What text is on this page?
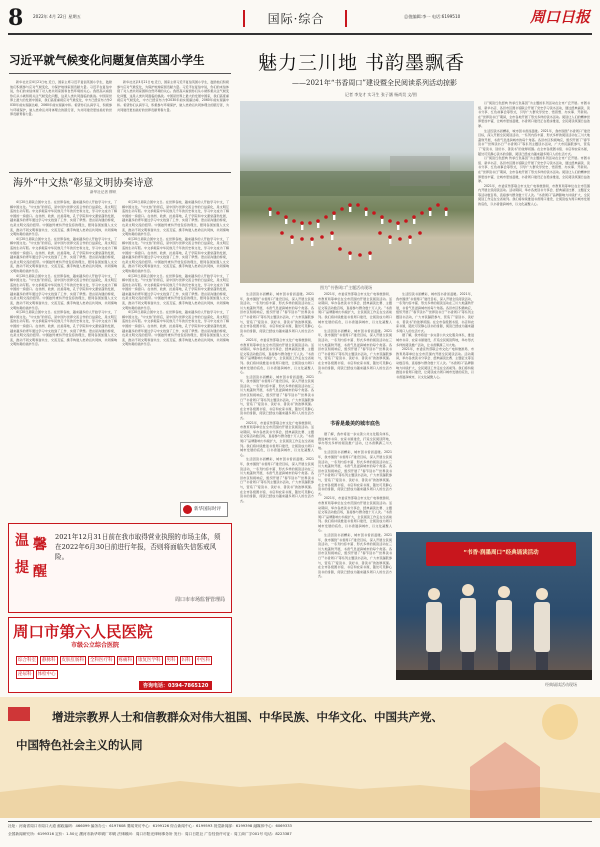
8 2022年 4月 22日 星期五	国际·综合	总值编辑:李一 电话:6199510	周口日报
习近平就气候变化问题复信英国小学生

新华社北京4月21日电 近日，国家主席习近平复信英国小学生，鼓励他们积极参与应对气候变化，为保护地球家园贡献力量。习近平在复信中说，你们的来信体现了对人类共同家园和自然环境的关心。我很高兴看到你们从小就积极关注气候变化问题，这是人类共同面临的挑战。中国是世界上最大的发展中国家，我们高度重视应对气候变化，中方已经宣布力争2030年前实现碳达峰、2060年前实现碳中和。希望你们认真学习，积极参与环境保护，做人类命运共同体理念的践行者，为共同建设更加美好的世界贡献青春力量。

新华社北京4月21日电 近日，国家主席习近平复信英国小学生，鼓励他们积极参与应对气候变化，为保护地球家园贡献力量。习近平在复信中说，你们的来信体现了对人类共同家园和自然环境的关心。我很高兴看到你们从小就积极关注气候变化问题，这是人类共同面临的挑战。中国是世界上最大的发展中国家，我们高度重视应对气候变化，中方已经宣布力争2030年前实现碳达峰、2060年前实现碳中和。希望你们认真学习，积极参与环境保护，做人类命运共同体理念的践行者，为共同建设更加美好的世界贡献青春力量。

海外“中文热”彰显文明协奏诗意
新华社记者 柳炽

4月20日是联合国中文日。在世界各地，越来越多的人开始学习中文，了解中国文化。“中文热”的背后，是中国与世界交流合作的日益深化，是文明互鉴的生动写照。中文承载着中华民族几千年的历史和文化，学习中文成为了解中国的一扇窗口。在非洲、欧洲、拉美等地，孔子学院和中文课堂蓬勃发展，越来越多的青年通过学习中文找到了工作、实现了梦想。语言是沟通的桥梁，也是文明交流的纽带。中国始终秉持开放包容的理念，愿同各国加强人文交流，推动不同文明和谐共生、交流互鉴，携手构建人类命运共同体，共同奏响文明协奏的美妙乐章。

4月20日是联合国中文日。在世界各地，越来越多的人开始学习中文，了解中国文化。“中文热”的背后，是中国与世界交流合作的日益深化，是文明互鉴的生动写照。中文承载着中华民族几千年的历史和文化，学习中文成为了解中国的一扇窗口。在非洲、欧洲、拉美等地，孔子学院和中文课堂蓬勃发展，越来越多的青年通过学习中文找到了工作、实现了梦想。语言是沟通的桥梁，也是文明交流的纽带。中国始终秉持开放包容的理念，愿同各国加强人文交流，推动不同文明和谐共生、交流互鉴，携手构建人类命运共同体，共同奏响文明协奏的美妙乐章。

4月20日是联合国中文日。在世界各地，越来越多的人开始学习中文，了解中国文化。“中文热”的背后，是中国与世界交流合作的日益深化，是文明互鉴的生动写照。中文承载着中华民族几千年的历史和文化，学习中文成为了解中国的一扇窗口。在非洲、欧洲、拉美等地，孔子学院和中文课堂蓬勃发展，越来越多的青年通过学习中文找到了工作、实现了梦想。语言是沟通的桥梁，也是文明交流的纽带。中国始终秉持开放包容的理念，愿同各国加强人文交流，推动不同文明和谐共生、交流互鉴，携手构建人类命运共同体，共同奏响文明协奏的美妙乐章。

4月20日是联合国中文日。在世界各地，越来越多的人开始学习中文，了解中国文化。“中文热”的背后，是中国与世界交流合作的日益深化，是文明互鉴的生动写照。中文承载着中华民族几千年的历史和文化，学习中文成为了解中国的一扇窗口。在非洲、欧洲、拉美等地，孔子学院和中文课堂蓬勃发展，越来越多的青年通过学习中文找到了工作、实现了梦想。语言是沟通的桥梁，也是文明交流的纽带。中国始终秉持开放包容的理念，愿同各国加强人文交流，推动不同文明和谐共生、交流互鉴，携手构建人类命运共同体，共同奏响文明协奏的美妙乐章。

4月20日是联合国中文日。在世界各地，越来越多的人开始学习中文，了解中国文化。“中文热”的背后，是中国与世界交流合作的日益深化，是文明互鉴的生动写照。中文承载着中华民族几千年的历史和文化，学习中文成为了解中国的一扇窗口。在非洲、欧洲、拉美等地，孔子学院和中文课堂蓬勃发展，越来越多的青年通过学习中文找到了工作、实现了梦想。语言是沟通的桥梁，也是文明交流的纽带。中国始终秉持开放包容的理念，愿同各国加强人文交流，推动不同文明和谐共生、交流互鉴，携手构建人类命运共同体，共同奏响文明协奏的美妙乐章。

4月20日是联合国中文日。在世界各地，越来越多的人开始学习中文，了解中国文化。“中文热”的背后，是中国与世界交流合作的日益深化，是文明互鉴的生动写照。中文承载着中华民族几千年的历史和文化，学习中文成为了解中国的一扇窗口。在非洲、欧洲、拉美等地，孔子学院和中文课堂蓬勃发展，越来越多的青年通过学习中文找到了工作、实现了梦想。语言是沟通的桥梁，也是文明交流的纽带。中国始终秉持开放包容的理念，愿同各国加强人文交流，推动不同文明和谐共生、交流互鉴，携手构建人类命运共同体，共同奏响文明协奏的美妙乐章。

4月20日是联合国中文日。在世界各地，越来越多的人开始学习中文，了解中国文化。“中文热”的背后，是中国与世界交流合作的日益深化，是文明互鉴的生动写照。中文承载着中华民族几千年的历史和文化，学习中文成为了解中国的一扇窗口。在非洲、欧洲、拉美等地，孔子学院和中文课堂蓬勃发展，越来越多的青年通过学习中文找到了工作、实现了梦想。语言是沟通的桥梁，也是文明交流的纽带。中国始终秉持开放包容的理念，愿同各国加强人文交流，推动不同文明和谐共生、交流互鉴，携手构建人类命运共同体，共同奏响文明协奏的美妙乐章。

4月20日是联合国中文日。在世界各地，越来越多的人开始学习中文，了解中国文化。“中文热”的背后，是中国与世界交流合作的日益深化，是文明互鉴的生动写照。中文承载着中华民族几千年的历史和文化，学习中文成为了解中国的一扇窗口。在非洲、欧洲、拉美等地，孔子学院和中文课堂蓬勃发展，越来越多的青年通过学习中文找到了工作、实现了梦想。语言是沟通的桥梁，也是文明交流的纽带。中国始终秉持开放包容的理念，愿同各国加强人文交流，推动不同文明和谐共生、交流互鉴，携手构建人类命运共同体，共同奏响文明协奏的美妙乐章。

新华国际时评
温 馨
提 醒
2021年12月31日前在我市取得营业执照的市场主体，须在2022年6月30日前进行年报，否则将面临失信惩戒风险。
周口市市场监督管理局
周口市第六人民医院
市级公立综合医院
综合科室 静脉科 皮肤肛肠科 全科医疗科 疼痛科 康复医学科 男科 妇科 中医科泌尿科 体检中心
咨询电话：0394-7865120
魅力三川地 书韵墨飘香
——2021年“书香周口”建设暨全民阅读系列活动掠影
记者 李龙才 实习生 张子涵 杨尚昊 文/图
图为“书香周口”主题活动现场

生活因读书而精彩，城市因书香而温暖。2021年，我市围绕“书香周口”建设目标，深入开展全民阅读活动，一系列内容丰富、形式多样的阅读活动在三川大地蓬勃开展，书香气息浸润城市的每个角落。各县市区积极响应，组织开展了“春节读书”“世界读书日”“书香周口”等系列主题读书活动，广大市民踊跃参与，营造了“爱读书、读好书、善读书”的浓厚氛围。在全市各级图书馆、书店和农家书屋，随处可见静心读书的身影，阅读已经成为越来越多周口人的生活方式。

2021年，市委宣传部联合市文化广电和旅游局、市教育局等单位在全市范围内开展全民阅读活动。活动期间，举办各类读书分享会、经典诵读比赛、主题征文等活动数百场，直接参与群众数十万人次。“书香周口”品牌影响力持续扩大，全民阅读工作走在全省前列。我们将持续推进书香周口建设，让阅读成为周口城市发展的底色，以书香滋润城市，以文化凝聚人心。

生活因读书而精彩，城市因书香而温暖。2021年，我市围绕“书香周口”建设目标，深入开展全民阅读活动，一系列内容丰富、形式多样的阅读活动在三川大地蓬勃开展，书香气息浸润城市的每个角落。各县市区积极响应，组织开展了“春节读书”“世界读书日”“书香周口”等系列主题读书活动，广大市民踊跃参与，营造了“爱读书、读好书、善读书”的浓厚氛围。在全市各级图书馆、书店和农家书屋，随处可见静心读书的身影，阅读已经成为越来越多周口人的生活方式。

2021年，市委宣传部联合市文化广电和旅游局、市教育局等单位在全市范围内开展全民阅读活动。活动期间，举办各类读书分享会、经典诵读比赛、主题征文等活动数百场，直接参与群众数十万人次。“书香周口”品牌影响力持续扩大，全民阅读工作走在全省前列。我们将持续推进书香周口建设，让阅读成为周口城市发展的底色，以书香滋润城市，以文化凝聚人心。

生活因读书而精彩，城市因书香而温暖。2021年，我市围绕“书香周口”建设目标，深入开展全民阅读活动，一系列内容丰富、形式多样的阅读活动在三川大地蓬勃开展，书香气息浸润城市的每个角落。各县市区积极响应，组织开展了“春节读书”“世界读书日”“书香周口”等系列主题读书活动，广大市民踊跃参与，营造了“爱读书、读好书、善读书”的浓厚氛围。在全市各级图书馆、书店和农家书屋，随处可见静心读书的身影，阅读已经成为越来越多周口人的生活方式。

2021年，市委宣传部联合市文化广电和旅游局、市教育局等单位在全市范围内开展全民阅读活动。活动期间，举办各类读书分享会、经典诵读比赛、主题征文等活动数百场，直接参与群众数十万人次。“书香周口”品牌影响力持续扩大，全民阅读工作走在全省前列。我们将持续推进书香周口建设，让阅读成为周口城市发展的底色，以书香滋润城市，以文化凝聚人心。

生活因读书而精彩，城市因书香而温暖。2021年，我市围绕“书香周口”建设目标，深入开展全民阅读活动，一系列内容丰富、形式多样的阅读活动在三川大地蓬勃开展，书香气息浸润城市的每个角落。各县市区积极响应，组织开展了“春节读书”“世界读书日”“书香周口”等系列主题读书活动，广大市民踊跃参与，营造了“爱读书、读好书、善读书”的浓厚氛围。在全市各级图书馆、书店和农家书屋，随处可见静心读书的身影，阅读已经成为越来越多周口人的生活方式。

书香是最美的城市底色

据了解，我市将进一步完善公共文化服务体系，推进城市书房、农家书屋建设，打造全民阅读阵地，举办形式多样的阅读推广活动，让书香飘满三川大地。

生活因读书而精彩，城市因书香而温暖。2021年，我市围绕“书香周口”建设目标，深入开展全民阅读活动，一系列内容丰富、形式多样的阅读活动在三川大地蓬勃开展，书香气息浸润城市的每个角落。各县市区积极响应，组织开展了“春节读书”“世界读书日”“书香周口”等系列主题读书活动，广大市民踊跃参与，营造了“爱读书、读好书、善读书”的浓厚氛围。在全市各级图书馆、书店和农家书屋，随处可见静心读书的身影，阅读已经成为越来越多周口人的生活方式。

2021年，市委宣传部联合市文化广电和旅游局、市教育局等单位在全市范围内开展全民阅读活动。活动期间，举办各类读书分享会、经典诵读比赛、主题征文等活动数百场，直接参与群众数十万人次。“书香周口”品牌影响力持续扩大，全民阅读工作走在全省前列。我们将持续推进书香周口建设，让阅读成为周口城市发展的底色，以书香滋润城市，以文化凝聚人心。

生活因读书而精彩，城市因书香而温暖。2021年，我市围绕“书香周口”建设目标，深入开展全民阅读活动，一系列内容丰富、形式多样的阅读活动在三川大地蓬勃开展，书香气息浸润城市的每个角落。各县市区积极响应，组织开展了“春节读书”“世界读书日”“书香周口”等系列主题读书活动，广大市民踊跃参与，营造了“爱读书、读好书、善读书”的浓厚氛围。在全市各级图书馆、书店和农家书屋，随处可见静心读书的身影，阅读已经成为越来越多周口人的生活方式。

生活因读书而精彩，城市因书香而温暖。2021年，我市围绕“书香周口”建设目标，深入开展全民阅读活动，一系列内容丰富、形式多样的阅读活动在三川大地蓬勃开展，书香气息浸润城市的每个角落。各县市区积极响应，组织开展了“春节读书”“世界读书日”“书香周口”等系列主题读书活动，广大市民踊跃参与，营造了“爱读书、读好书、善读书”的浓厚氛围。在全市各级图书馆、书店和农家书屋，随处可见静心读书的身影，阅读已经成为越来越多周口人的生活方式。

据了解，我市将进一步完善公共文化服务体系，推进城市书房、农家书屋建设，打造全民阅读阵地，举办形式多样的阅读推广活动，让书香飘满三川大地。

2021年，市委宣传部联合市文化广电和旅游局、市教育局等单位在全市范围内开展全民阅读活动。活动期间，举办各类读书分享会、经典诵读比赛、主题征文等活动数百场，直接参与群众数十万人次。“书香周口”品牌影响力持续扩大，全民阅读工作走在全省前列。我们将持续推进书香周口建设，让阅读成为周口城市发展的底色，以书香滋润城市，以文化凝聚人心。

以“阅读红色经典 传承红色基因”为主题的系列活动在全市广泛开展。市图书馆、新华书店、各县市区图书馆联合开展了党史学习读书活动，通过经典诵读、读书分享、红色故事会等形式，引导广大群众学党史、悟思想、办实事、开新局。在“世界读书日”期间，全市各地开展了形式多样的读书活动。阅读让人们的精神世界更加丰富，让城市更加温暖，书香周口建设正在稳步推进，全民阅读氛围日益浓厚。

生活因读书而精彩，城市因书香而温暖。2021年，我市围绕“书香周口”建设目标，深入开展全民阅读活动，一系列内容丰富、形式多样的阅读活动在三川大地蓬勃开展，书香气息浸润城市的每个角落。各县市区积极响应，组织开展了“春节读书”“世界读书日”“书香周口”等系列主题读书活动，广大市民踊跃参与，营造了“爱读书、读好书、善读书”的浓厚氛围。在全市各级图书馆、书店和农家书屋，随处可见静心读书的身影，阅读已经成为越来越多周口人的生活方式。

以“阅读红色经典 传承红色基因”为主题的系列活动在全市广泛开展。市图书馆、新华书店、各县市区图书馆联合开展了党史学习读书活动，通过经典诵读、读书分享、红色故事会等形式，引导广大群众学党史、悟思想、办实事、开新局。在“世界读书日”期间，全市各地开展了形式多样的读书活动。阅读让人们的精神世界更加丰富，让城市更加温暖，书香周口建设正在稳步推进，全民阅读氛围日益浓厚。

2021年，市委宣传部联合市文化广电和旅游局、市教育局等单位在全市范围内开展全民阅读活动。活动期间，举办各类读书分享会、经典诵读比赛、主题征文等活动数百场，直接参与群众数十万人次。“书香周口”品牌影响力持续扩大，全民阅读工作走在全省前列。我们将持续推进书香周口建设，让阅读成为周口城市发展的底色，以书香滋润城市，以文化凝聚人心。

“书香·润墨周口”经典诵读活动
经典诵读活动现场
增进宗教界人士和信教群众对伟大祖国、中华民族、中华文化、中国共产党、
中国特色社会主义的认同
社址：河南省周口市周口大道 邮政编码：466099 编务办公：6197608 要闻采访中心：6199126 综合新闻中心：6199593 视觉新闻部：6199398 融媒体中心：6069333
全国新闻研究所：6199316 定价：1.50元 漯河市新华印刷厂印刷 法律顾问：周口市阳光律师事务所 发行：周口日报社 广告经营许可证：周工商广字001号 电话：8223387
